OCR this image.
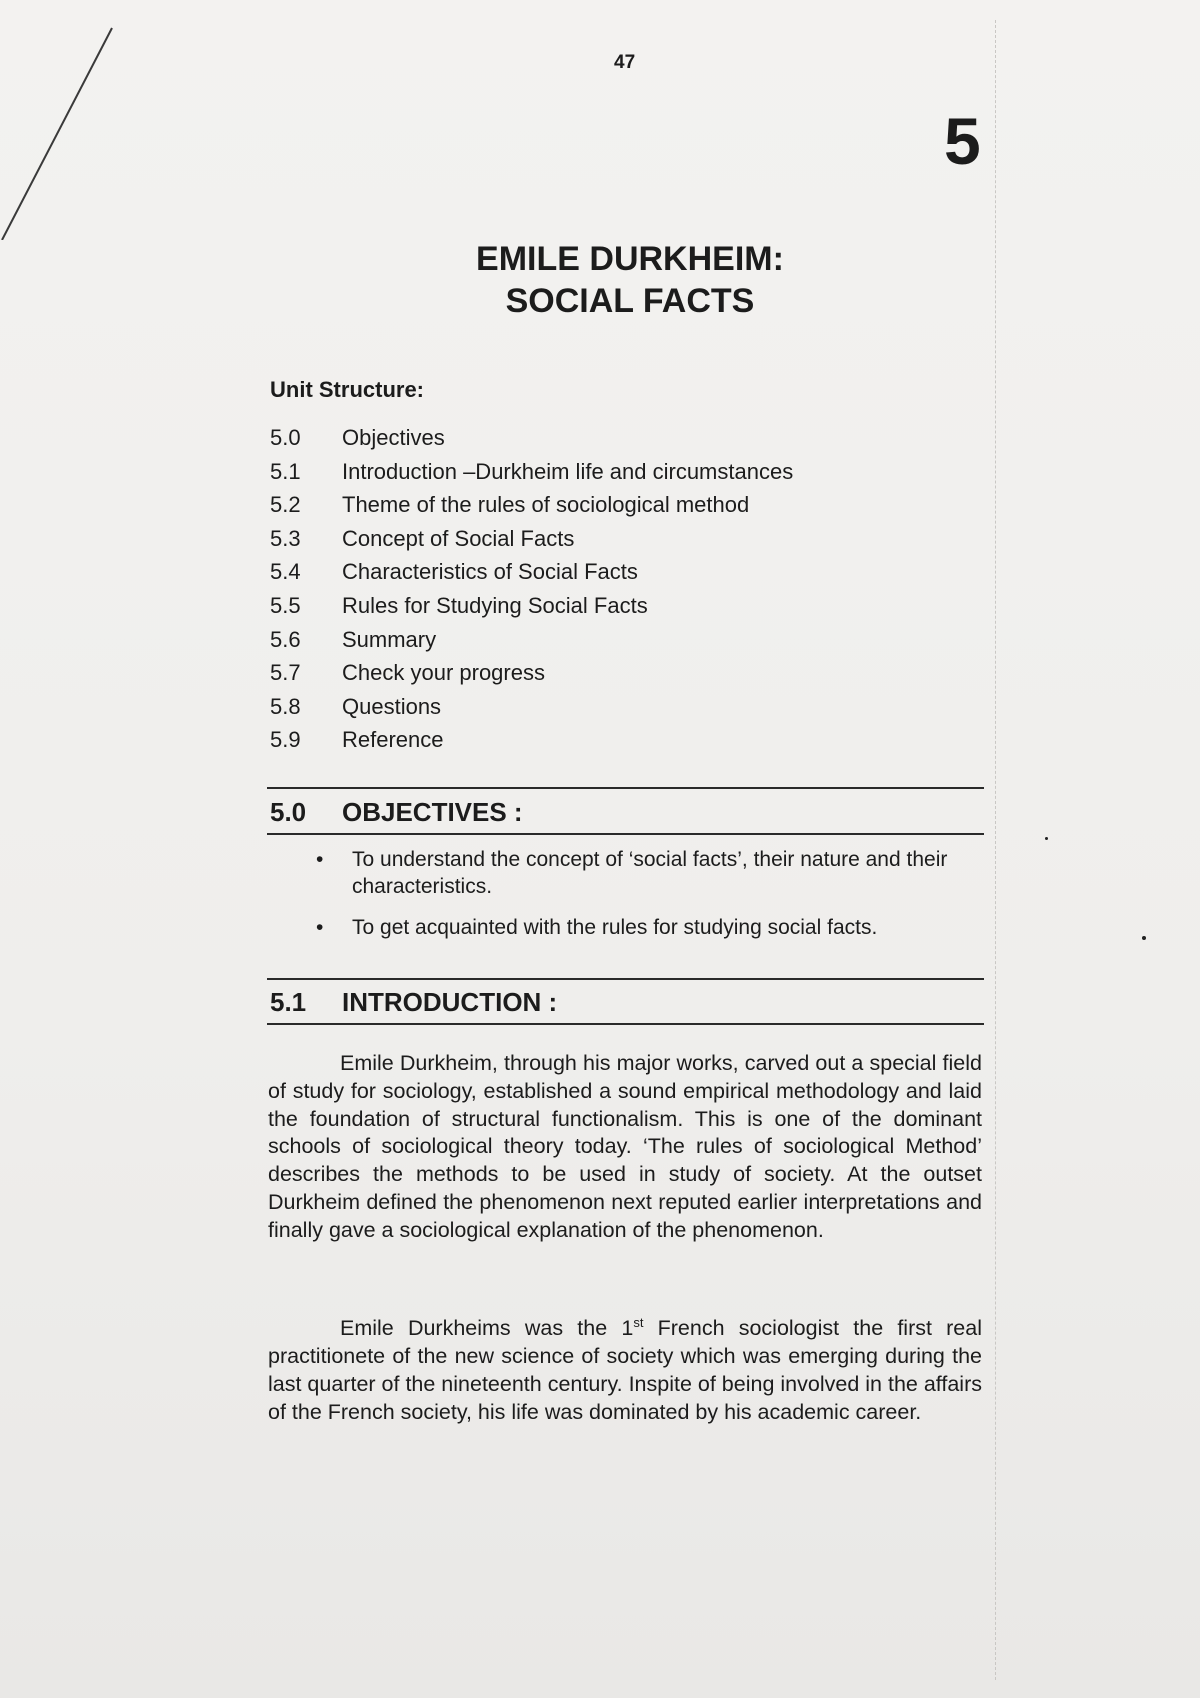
47
5
EMILE DURKHEIM:
SOCIAL FACTS
Unit Structure:
5.0 Objectives
5.1 Introduction –Durkheim life and circumstances
5.2 Theme of the rules of sociological method
5.3 Concept of Social Facts
5.4 Characteristics of Social Facts
5.5 Rules for Studying Social Facts
5.6 Summary
5.7 Check your progress
5.8 Questions
5.9 Reference
5.0 OBJECTIVES :
• To understand the concept of ‘social facts’, their nature and their characteristics.
• To get acquainted with the rules for studying social facts.
5.1 INTRODUCTION :
Emile Durkheim, through his major works, carved out a special field of study for sociology, established a sound empirical methodology and laid the foundation of structural functionalism. This is one of the dominant schools of sociological theory today. ‘The rules of sociological Method’ describes the methods to be used in study of society. At the outset Durkheim defined the phenomenon next reputed earlier interpretations and finally gave a sociological explanation of the phenomenon.
Emile Durkheims was the 1st French sociologist the first real practitionete of the new science of society which was emerging during the last quarter of the nineteenth century. Inspite of being involved in the affairs of the French society, his life was dominated by his academic career.
